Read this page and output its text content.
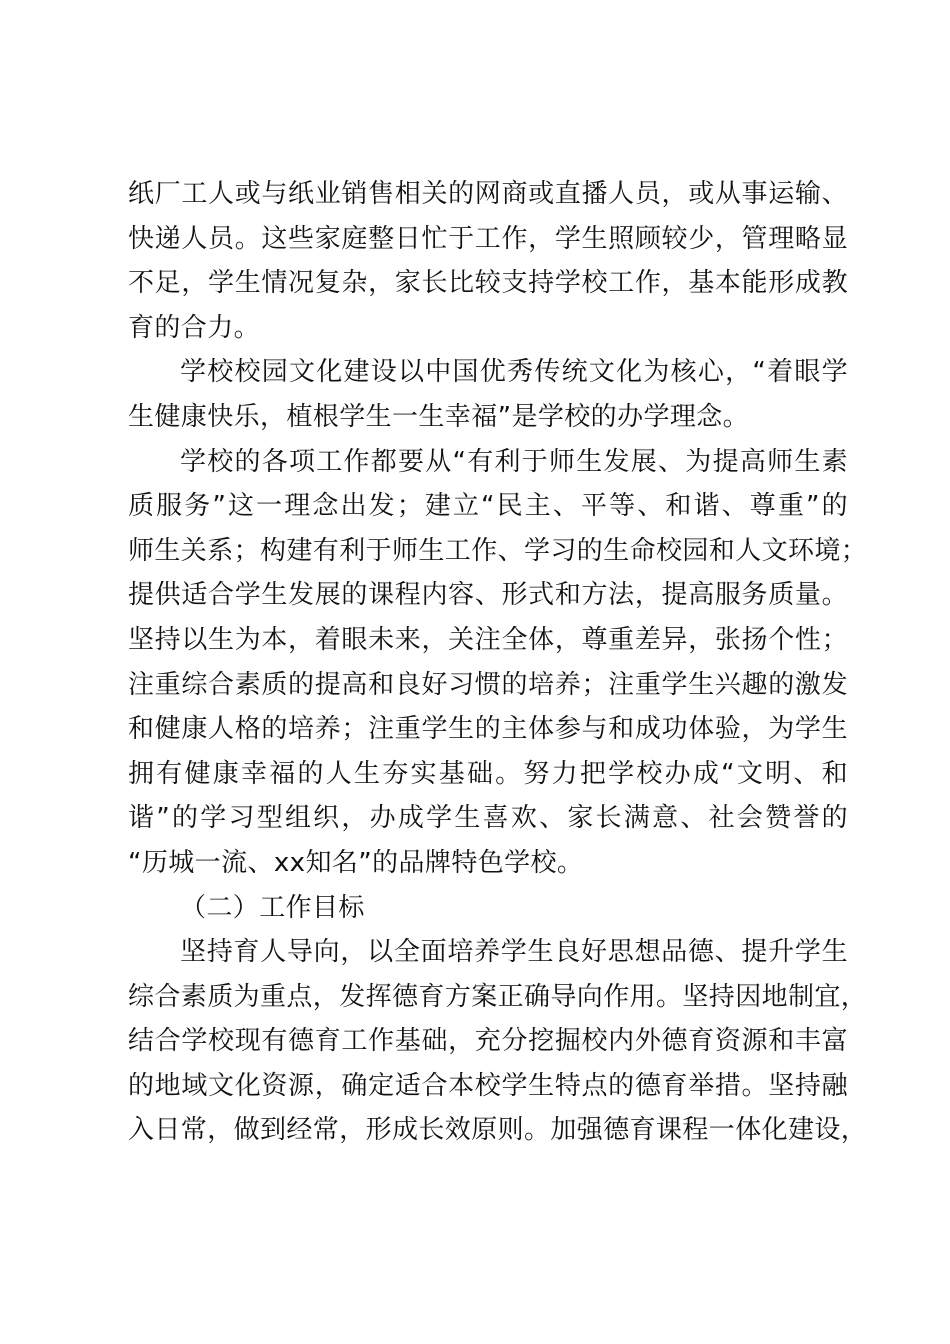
纸厂工人或与纸业销售相关的网商或直播人员，或从事运输、
快递人员。这些家庭整日忙于工作，学生照顾较少，管理略显
不足，学生情况复杂，家长比较支持学校工作，基本能形成教
育的合力。
学校校园文化建设以中国优秀传统文化为核心，“着眼学
生健康快乐，植根学生一生幸福”是学校的办学理念。
学校的各项工作都要从“有利于师生发展、为提高师生素
质服务”这一理念出发；建立“民主、平等、和谐、尊重”的
师生关系；构建有利于师生工作、学习的生命校园和人文环境；
提供适合学生发展的课程内容、形式和方法，提高服务质量。
坚持以生为本，着眼未来，关注全体，尊重差异，张扬个性；
注重综合素质的提高和良好习惯的培养；注重学生兴趣的激发
和健康人格的培养；注重学生的主体参与和成功体验，为学生
拥有健康幸福的人生夯实基础。努力把学校办成“文明、和
谐”的学习型组织，办成学生喜欢、家长满意、社会赞誉的
“历城一流、xx知名”的品牌特色学校。
（二）工作目标
坚持育人导向，以全面培养学生良好思想品德、提升学生
综合素质为重点，发挥德育方案正确导向作用。坚持因地制宜，
结合学校现有德育工作基础，充分挖掘校内外德育资源和丰富
的地域文化资源，确定适合本校学生特点的德育举措。坚持融
入日常，做到经常，形成长效原则。加强德育课程一体化建设，
